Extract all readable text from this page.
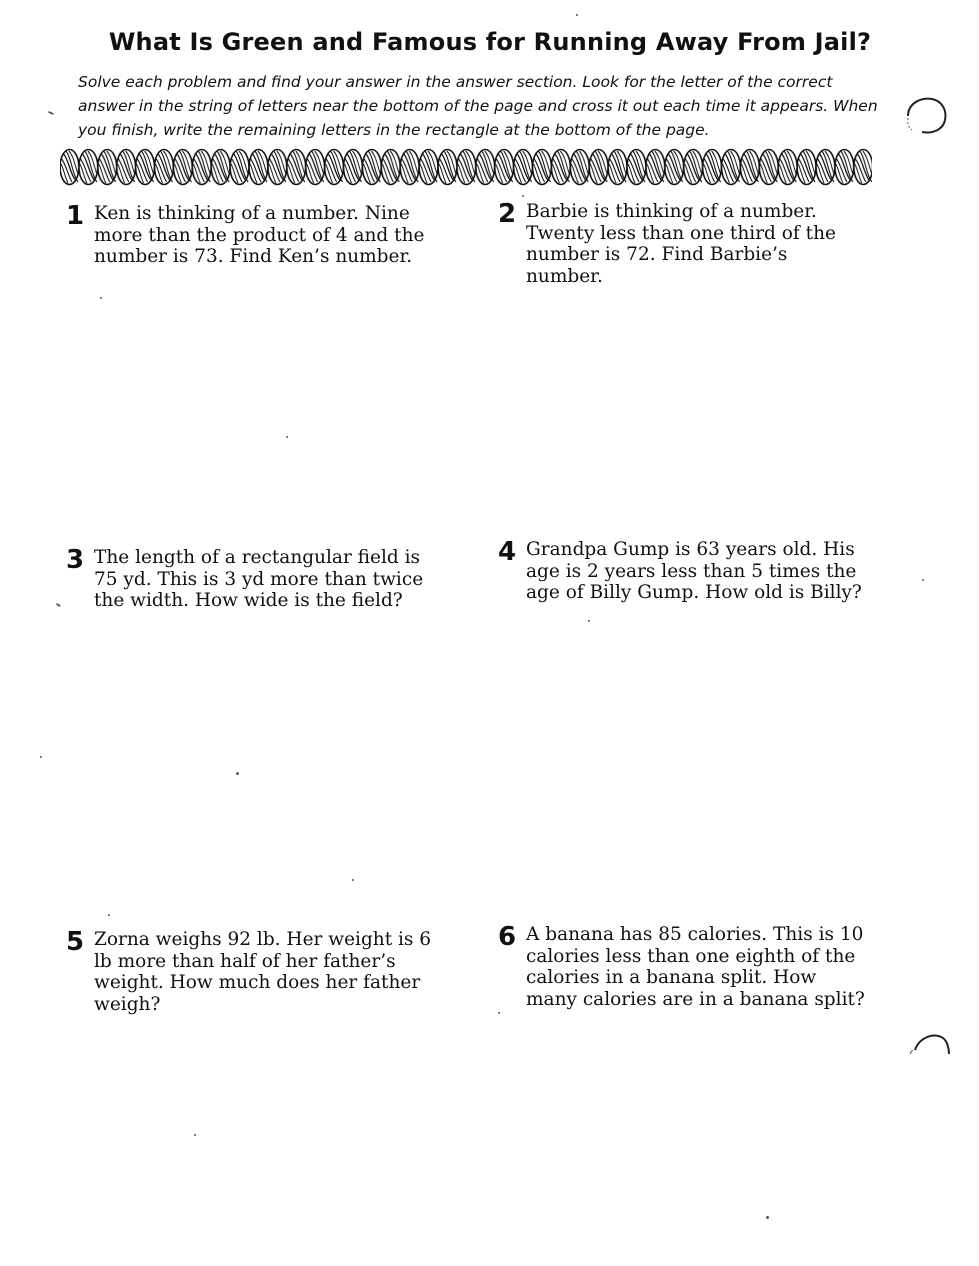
What Is Green and Famous for Running Away From Jail?

Solve each problem and find your answer in the answer section. Look for the letter of the correct answer in the string of letters near the bottom of the page and cross it out each time it appears. When you finish, write the remaining letters in the rectangle at the bottom of the page.

1 Ken is thinking of a number. Nine more than the product of 4 and the number is 73. Find Ken’s number.
2 Barbie is thinking of a number. Twenty less than one third of the number is 72. Find Barbie’s number.
3 The length of a rectangular field is 75 yd. This is 3 yd more than twice the width. How wide is the field?
4 Grandpa Gump is 63 years old. His age is 2 years less than 5 times the age of Billy Gump. How old is Billy?
5 Zorna weighs 92 lb. Her weight is 6 lb more than half of her father’s weight. How much does her father weigh?
6 A banana has 85 calories. This is 10 calories less than one eighth of the calories in a banana split. How many calories are in a banana split?
